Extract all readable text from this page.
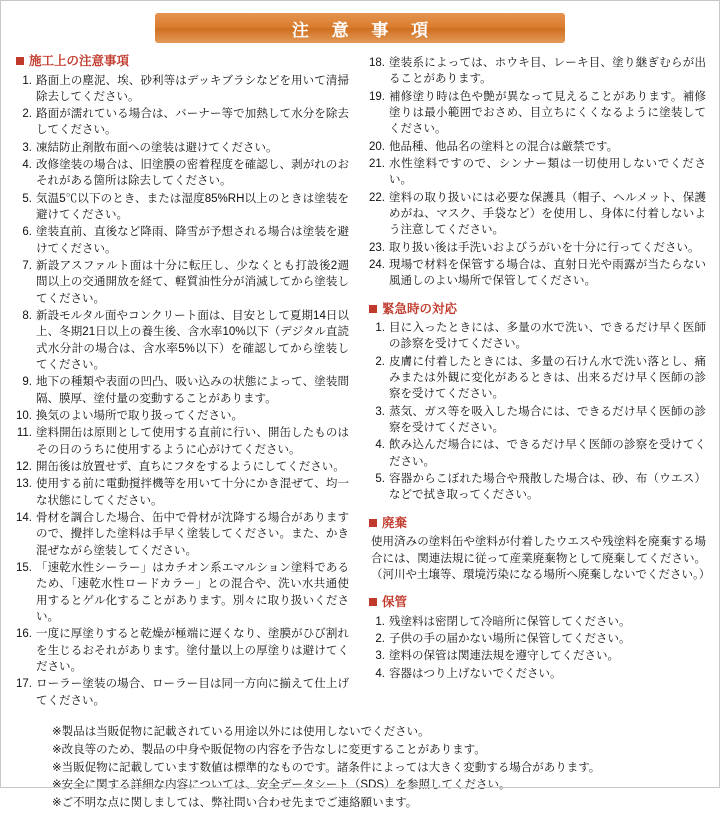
注 意 事 項
施工上の注意事項
1. 路面上の塵泥、埃、砂利等はデッキブラシなどを用いて清掃除去してください。
2. 路面が濡れている場合は、バーナー等で加熱して水分を除去してください。
3. 凍結防止剤散布面への塗装は避けてください。
4. 改修塗装の場合は、旧塗膜の密着程度を確認し、剥がれのおそれがある箇所は除去してください。
5. 気温5℃以下のとき、または湿度85%RH以上のときは塗装を避けてください。
6. 塗装直前、直後など降雨、降雪が予想される場合は塗装を避けてください。
7. 新設アスファルト面は十分に転圧し、少なくとも打設後2週間以上の交通開放を経て、軽質油性分が消滅してから塗装してください。
8. 新設モルタル面やコンクリート面は、目安として夏期14日以上、冬期21日以上の養生後、含水率10%以下（デジタル直読式水分計の場合は、含水率5%以下）を確認してから塗装してください。
9. 地下の種類や表面の凹凸、吸い込みの状態によって、塗装間隔、膜厚、塗付量の変動することがあります。
10. 換気のよい場所で取り扱ってください。
11. 塗料開缶は原則として使用する直前に行い、開缶したものはその日のうちに使用するように心がけてください。
12. 開缶後は放置せず、直ちにフタをするようにしてください。
13. 使用する前に電動撹拌機等を用いて十分にかき混ぜて、均一な状態にしてください。
14. 骨材を調合した場合、缶中で骨材が沈降する場合がありますので、攪拌した塗料は手早く塗装してください。また、かき混ぜながら塗装してください。
15. 「速乾水性シーラー」はカチオン系エマルション塗料であるため、「速乾水性ロードカラー」との混合や、洗い水共通使用するとゲル化することがあります。別々に取り扱いください。
16. 一度に厚塗りすると乾燥が極端に遅くなり、塗膜がひび割れを生じるおそれがあります。塗付量以上の厚塗りは避けてください。
17. ローラー塗装の場合、ローラー目は同一方向に揃えて仕上げてください。
18. 塗装系によっては、ホウキ目、レーキ目、塗り継ぎむらが出ることがあります。
19. 補修塗り時は色や艶が異なって見えることがあります。補修塗りは最小範囲でおさめ、目立ちにくくなるように塗装してください。
20. 他品種、他品名の塗料との混合は厳禁です。
21. 水性塗料ですので、シンナー類は一切使用しないでください。
22. 塗料の取り扱いには必要な保護具（帽子、ヘルメット、保護めがね、マスク、手袋など）を使用し、身体に付着しないよう注意してください。
23. 取り扱い後は手洗いおよびうがいを十分に行ってください。
24. 現場で材料を保管する場合は、直射日光や雨露が当たらない風通しのよい場所で保管してください。
緊急時の対応
1. 目に入ったときには、多量の水で洗い、できるだけ早く医師の診察を受けてください。
2. 皮膚に付着したときには、多量の石けん水で洗い落とし、痛みまたは外観に変化があるときは、出来るだけ早く医師の診察を受けてください。
3. 蒸気、ガス等を吸入した場合には、できるだけ早く医師の診察を受けてください。
4. 飲み込んだ場合には、できるだけ早く医師の診察を受けてください。
5. 容器からこぼれた場合や飛散した場合は、砂、布（ウエス）などで拭き取ってください。
廃棄
使用済みの塗料缶や塗料が付着したウエスや残塗料を廃棄する場合には、関連法規に従って産業廃棄物として廃棄してください。（河川や土壌等、環境汚染になる場所へ廃棄しないでください。）
保管
1. 残塗料は密閉して冷暗所に保管してください。
2. 子供の手の届かない場所に保管してください。
3. 塗料の保管は関連法規を遵守してください。
4. 容器はつり上げないでください。
※ 製品は当販促物に記載されている用途以外には使用しないでください。
※ 改良等のため、製品の中身や販促物の内容を予告なしに変更することがあります。
※ 当販促物に記載しています数値は標準的なものです。諸条件によっては大きく変動する場合があります。
※ 安全に関する詳細な内容については、安全データシート（SDS）を参照してください。
※ ご不明な点に関しましては、弊社問い合わせ先までご連絡願います。
